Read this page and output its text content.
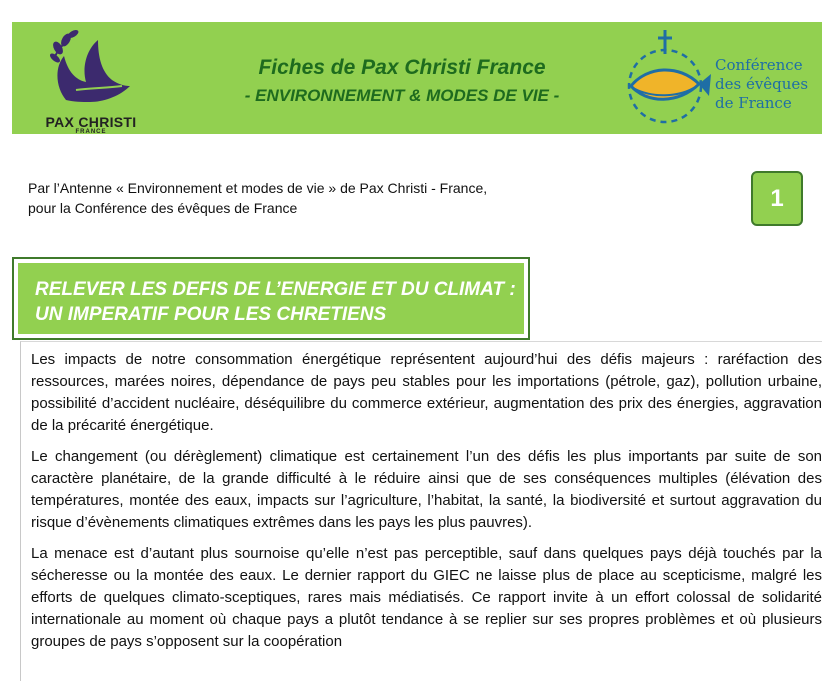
PAX CHRISTI
FRANCE
Fiches de Pax Christi France
- ENVIRONNEMENT & MODES DE VIE -
Conférence
des évêques
de France
Par l’Antenne « Environnement et modes de vie » de Pax Christi - France,
pour la Conférence des évêques de France	1
RELEVER LES DEFIS DE L’ENERGIE ET DU CLIMAT :
UN IMPERATIF POUR LES CHRETIENS

Les impacts de notre consommation énergétique représentent aujourd’hui des défis majeurs : raréfaction des ressources, marées noires, dépendance de pays peu stables pour les importations (pétrole, gaz), pollution urbaine, possibilité d’accident nucléaire, déséquilibre du commerce extérieur, augmentation des prix des énergies, aggravation de la précarité énergétique.

Le changement (ou dérèglement) climatique est certainement l’un des défis les plus importants par suite de son caractère planétaire, de la grande difficulté à le réduire ainsi que de ses conséquences multiples (élévation des températures, montée des eaux, impacts sur l’agriculture, l’habitat, la santé, la biodiversité et surtout aggravation du risque d’évènements climatiques extrêmes dans les pays les plus pauvres).

La menace est d’autant plus sournoise qu’elle n’est pas perceptible, sauf dans quelques pays déjà touchés par la sécheresse ou la montée des eaux. Le dernier rapport du GIEC ne laisse plus de place au scepticisme, malgré les efforts de quelques climato-sceptiques, rares mais médiatisés. Ce rapport invite à un effort colossal de solidarité internationale au moment où chaque pays a plutôt tendance à se replier sur ses propres problèmes et où plusieurs groupes de pays s’opposent sur la coopération
